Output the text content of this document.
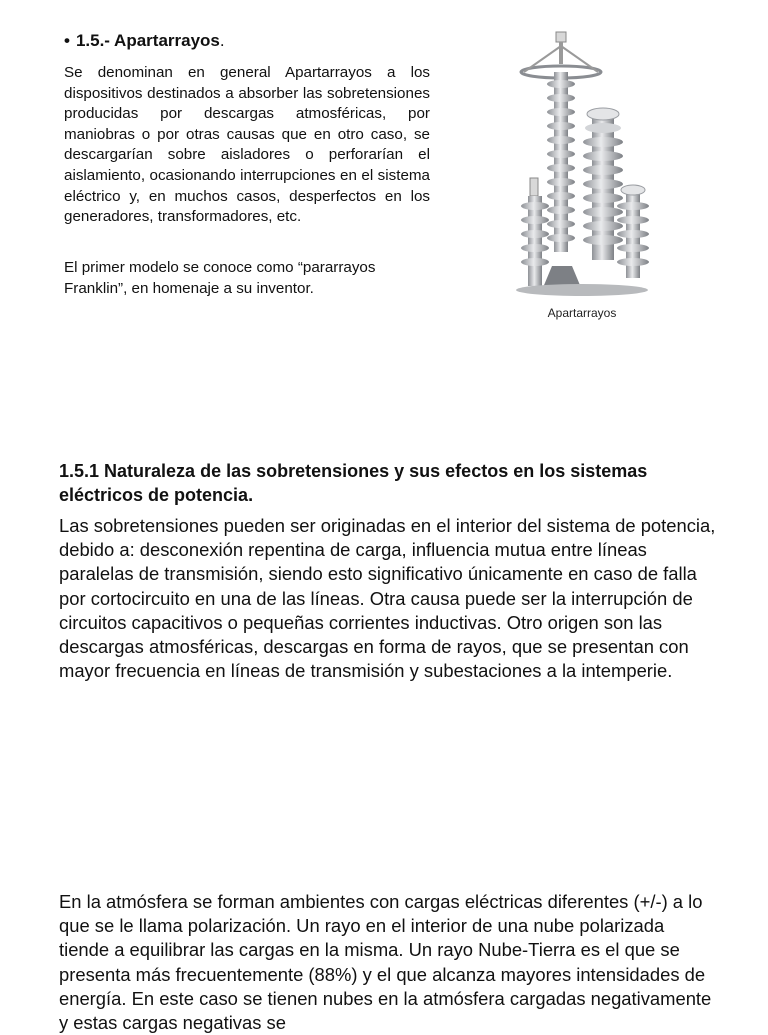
• 1.5.- Apartarrayos.
Se denominan en general Apartarrayos a los dispositivos destinados a absorber las sobretensiones producidas por descargas atmosféricas, por maniobras o por otras causas que en otro caso, se descargarían sobre aisladores o perforarían el aislamiento, ocasionando interrupciones en el sistema eléctrico y, en muchos casos, desperfectos en los generadores, transformadores, etc.
El primer modelo se conoce como “pararrayos Franklin”, en homenaje a su inventor.
Apartarrayos
1.5.1 Naturaleza de las sobretensiones y sus efectos en los sistemas eléctricos de potencia.
Las sobretensiones pueden ser originadas en el interior del sistema de potencia, debido a: desconexión repentina de carga, influencia mutua entre líneas paralelas de transmisión, siendo esto significativo únicamente en caso de falla por cortocircuito en una de las líneas. Otra causa puede ser la interrupción de circuitos capacitivos o pequeñas corrientes inductivas. Otro origen son las descargas atmosféricas, descargas en forma de rayos, que se presentan con mayor frecuencia en líneas de transmisión y subestaciones a la intemperie.
En la atmósfera se forman ambientes con cargas eléctricas diferentes (+/-) a lo que se le llama polarización. Un rayo en el interior de una nube polarizada tiende a equilibrar las cargas en la misma. Un rayo Nube-Tierra es el que se presenta más frecuentemente (88%) y el que alcanza mayores intensidades de energía. En este caso se tienen nubes en la atmósfera cargadas negativamente y estas cargas negativas se
